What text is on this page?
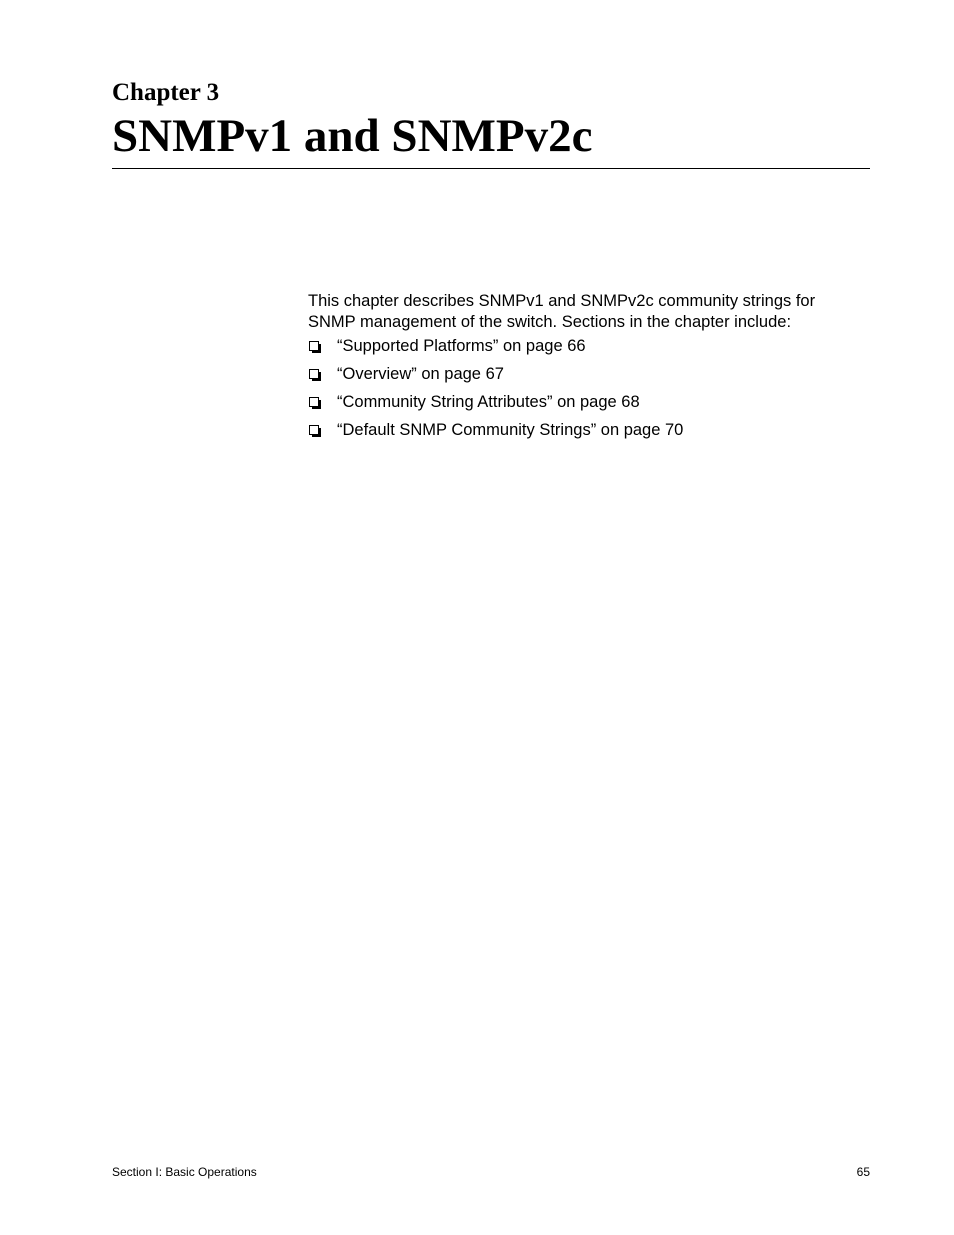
Chapter 3
SNMPv1 and SNMPv2c

This chapter describes SNMPv1 and SNMPv2c community strings for SNMP management of the switch. Sections in the chapter include:

“Supported Platforms” on page 66
“Overview” on page 67
“Community String Attributes” on page 68
“Default SNMP Community Strings” on page 70
Section I: Basic Operations	65
